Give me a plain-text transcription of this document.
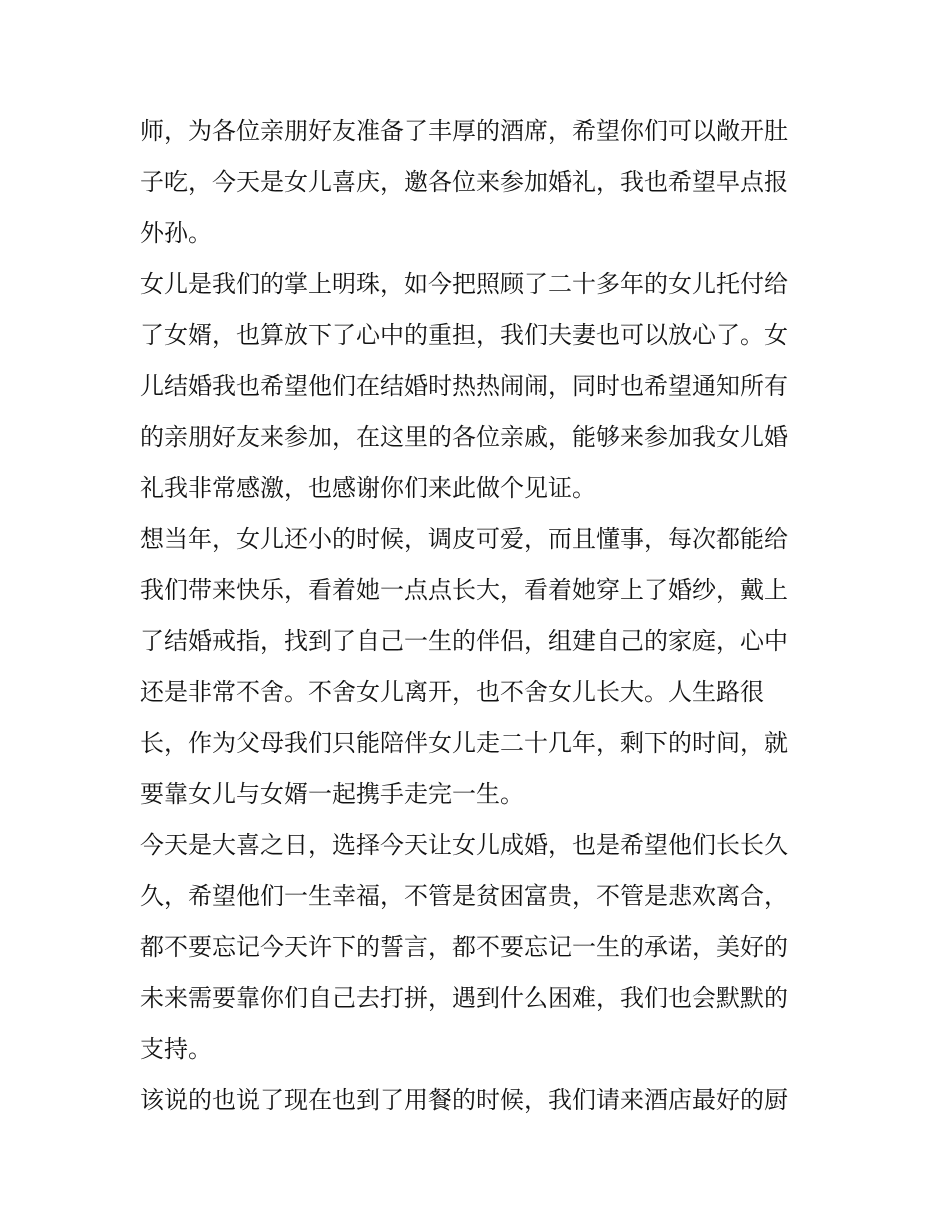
师，为各位亲朋好友准备了丰厚的酒席，希望你们可以敞开肚
子吃，今天是女儿喜庆，邀各位来参加婚礼，我也希望早点报
外孙。
女儿是我们的掌上明珠，如今把照顾了二十多年的女儿托付给
了女婿，也算放下了心中的重担，我们夫妻也可以放心了。女
儿结婚我也希望他们在结婚时热热闹闹，同时也希望通知所有
的亲朋好友来参加，在这里的各位亲戚，能够来参加我女儿婚
礼我非常感激，也感谢你们来此做个见证。
想当年，女儿还小的时候，调皮可爱，而且懂事，每次都能给
我们带来快乐，看着她一点点长大，看着她穿上了婚纱，戴上
了结婚戒指，找到了自己一生的伴侣，组建自己的家庭，心中
还是非常不舍。不舍女儿离开，也不舍女儿长大。人生路很
长，作为父母我们只能陪伴女儿走二十几年，剩下的时间，就
要靠女儿与女婿一起携手走完一生。
今天是大喜之日，选择今天让女儿成婚，也是希望他们长长久
久，希望他们一生幸福，不管是贫困富贵，不管是悲欢离合，
都不要忘记今天许下的誓言，都不要忘记一生的承诺，美好的
未来需要靠你们自己去打拼，遇到什么困难，我们也会默默的
支持。
该说的也说了现在也到了用餐的时候，我们请来酒店最好的厨
